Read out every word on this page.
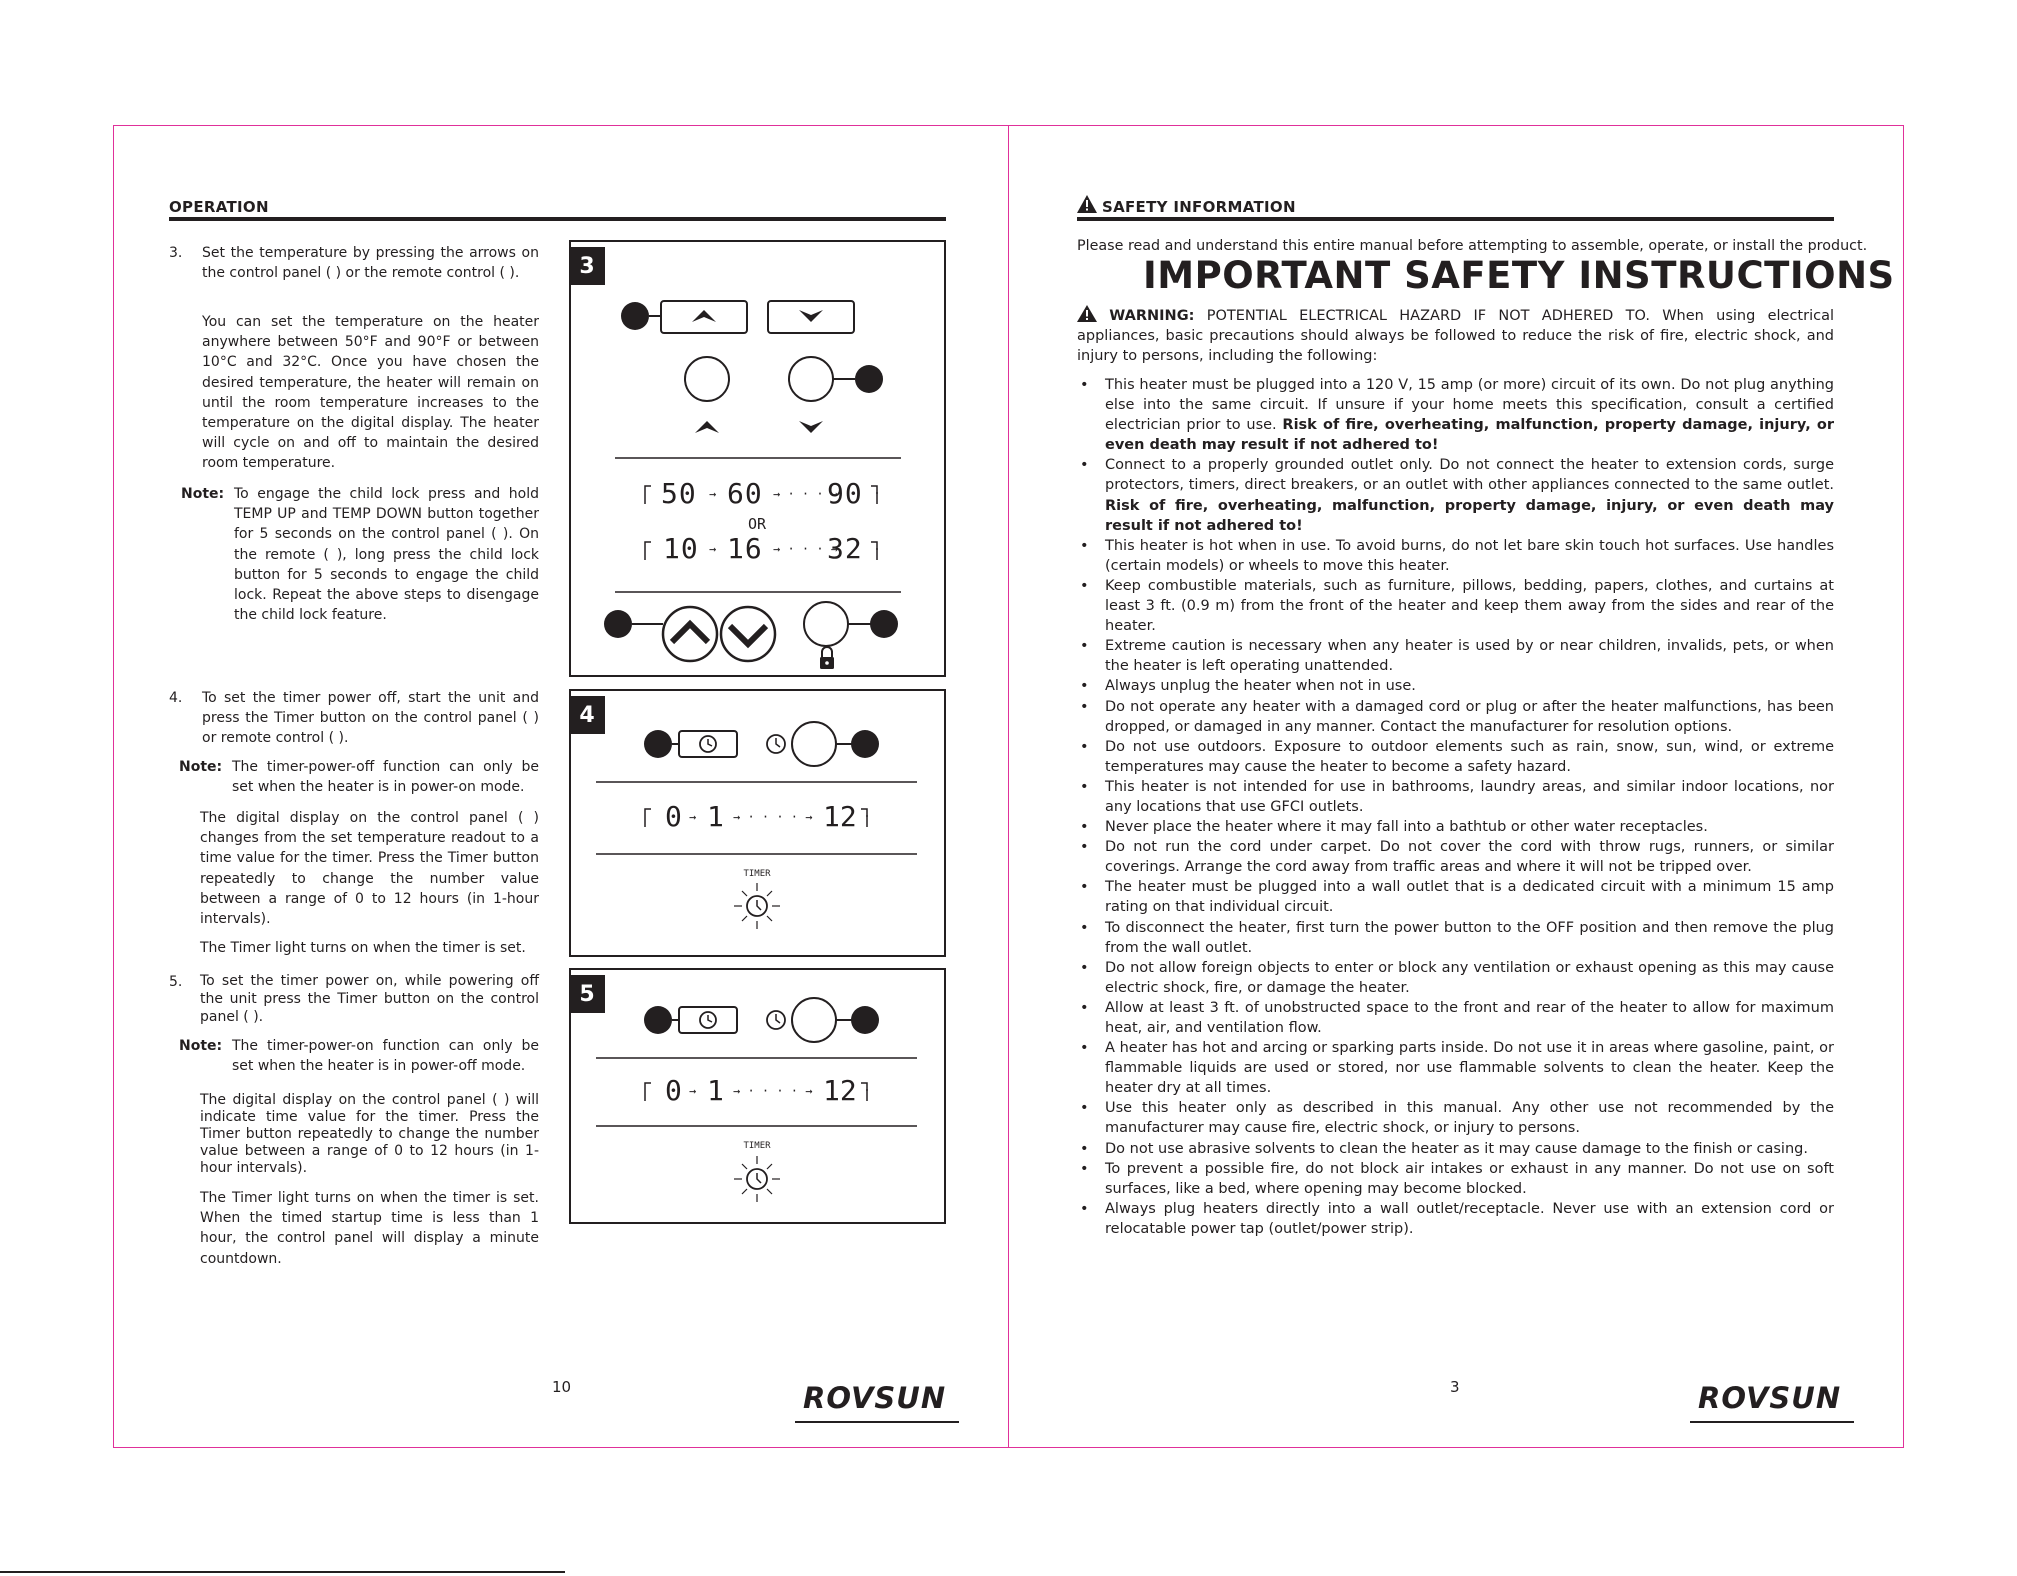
OPERATION
3. Set the temperature by pressing the arrows on the control panel ( ) or the remote control ( ).
You can set the temperature on the heater anywhere between 50°F and 90°F or between 10°C and 32°C. Once you have chosen the desired temperature, the heater will remain on until the room temperature increases to the temperature on the digital display. The heater will cycle on and off to maintain the desired room temperature.
Note: To engage the child lock press and hold TEMP UP and TEMP DOWN button together for 5 seconds on the control panel ( ). On the remote ( ), long press the child lock button for 5 seconds to engage the child lock. Repeat the above steps to disengage the child lock feature.
4. To set the timer power off, start the unit and press the Timer button on the control panel ( ) or remote control ( ).
Note: The timer-power-off function can only be set when the heater is in power-on mode.
The digital display on the control panel ( ) changes from the set temperature readout to a time value for the timer. Press the Timer button repeatedly to change the number value between a range of 0 to 12 hours (in 1-hour intervals).
The Timer light turns on when the timer is set.
5. To set the timer power on, while powering off the unit press the Timer button on the control panel ( ).
Note: The timer-power-on function can only be set when the heater is in power-off mode.
The digital display on the control panel ( ) will indicate time value for the timer. Press the Timer button repeatedly to change the number value between a range of 0 to 12 hours (in 1-hour intervals).
The Timer light turns on when the timer is set. When the timed startup time is less than 1 hour, the control panel will display a minute countdown.
3
50 → 60 → · · · →
90
OR
10 → 16 → · · · →
32
4
0 → 1 → · · · · → 12
TIMER
5
0 → 1 → · · · · → 12
TIMER
10	ROVSUN
SAFETY INFORMATION
Please read and understand this entire manual before attempting to assemble, operate, or install the product.
IMPORTANT SAFETY INSTRUCTIONS
WARNING: POTENTIAL ELECTRICAL HAZARD IF NOT ADHERED TO. When using electrical appliances, basic precautions should always be followed to reduce the risk of fire, electric shock, and injury to persons, including the following:
• This heater must be plugged into a 120 V, 15 amp (or more) circuit of its own. Do not plug anything else into the same circuit. If unsure if your home meets this specification, consult a certified electrician prior to use. Risk of fire, overheating, malfunction, property damage, injury, or even death may result if not adhered to!
• Connect to a properly grounded outlet only. Do not connect the heater to extension cords, surge protectors, timers, direct breakers, or an outlet with other appliances connected to the same outlet. Risk of fire, overheating, malfunction, property damage, injury, or even death may result if not adhered to!
• This heater is hot when in use. To avoid burns, do not let bare skin touch hot surfaces. Use handles (certain models) or wheels to move this heater.
• Keep combustible materials, such as furniture, pillows, bedding, papers, clothes, and curtains at least 3 ft. (0.9 m) from the front of the heater and keep them away from the sides and rear of the heater.
• Extreme caution is necessary when any heater is used by or near children, invalids, pets, or when the heater is left operating unattended.
• Always unplug the heater when not in use.
• Do not operate any heater with a damaged cord or plug or after the heater malfunctions, has been dropped, or damaged in any manner. Contact the manufacturer for resolution options.
• Do not use outdoors. Exposure to outdoor elements such as rain, snow, sun, wind, or extreme temperatures may cause the heater to become a safety hazard.
• This heater is not intended for use in bathrooms, laundry areas, and similar indoor locations, nor any locations that use GFCI outlets.
• Never place the heater where it may fall into a bathtub or other water receptacles.
• Do not run the cord under carpet. Do not cover the cord with throw rugs, runners, or similar coverings. Arrange the cord away from traffic areas and where it will not be tripped over.
• The heater must be plugged into a wall outlet that is a dedicated circuit with a minimum 15 amp rating on that individual circuit.
• To disconnect the heater, first turn the power button to the OFF position and then remove the plug from the wall outlet.
• Do not allow foreign objects to enter or block any ventilation or exhaust opening as this may cause electric shock, fire, or damage the heater.
• Allow at least 3 ft. of unobstructed space to the front and rear of the heater to allow for maximum heat, air, and ventilation flow.
• A heater has hot and arcing or sparking parts inside. Do not use it in areas where gasoline, paint, or flammable liquids are used or stored, nor use flammable solvents to clean the heater. Keep the heater dry at all times.
• Use this heater only as described in this manual. Any other use not recommended by the manufacturer may cause fire, electric shock, or injury to persons.
• Do not use abrasive solvents to clean the heater as it may cause damage to the finish or casing.
• To prevent a possible fire, do not block air intakes or exhaust in any manner. Do not use on soft surfaces, like a bed, where opening may become blocked.
• Always plug heaters directly into a wall outlet/receptacle. Never use with an extension cord or relocatable power tap (outlet/power strip).
3	ROVSUN
